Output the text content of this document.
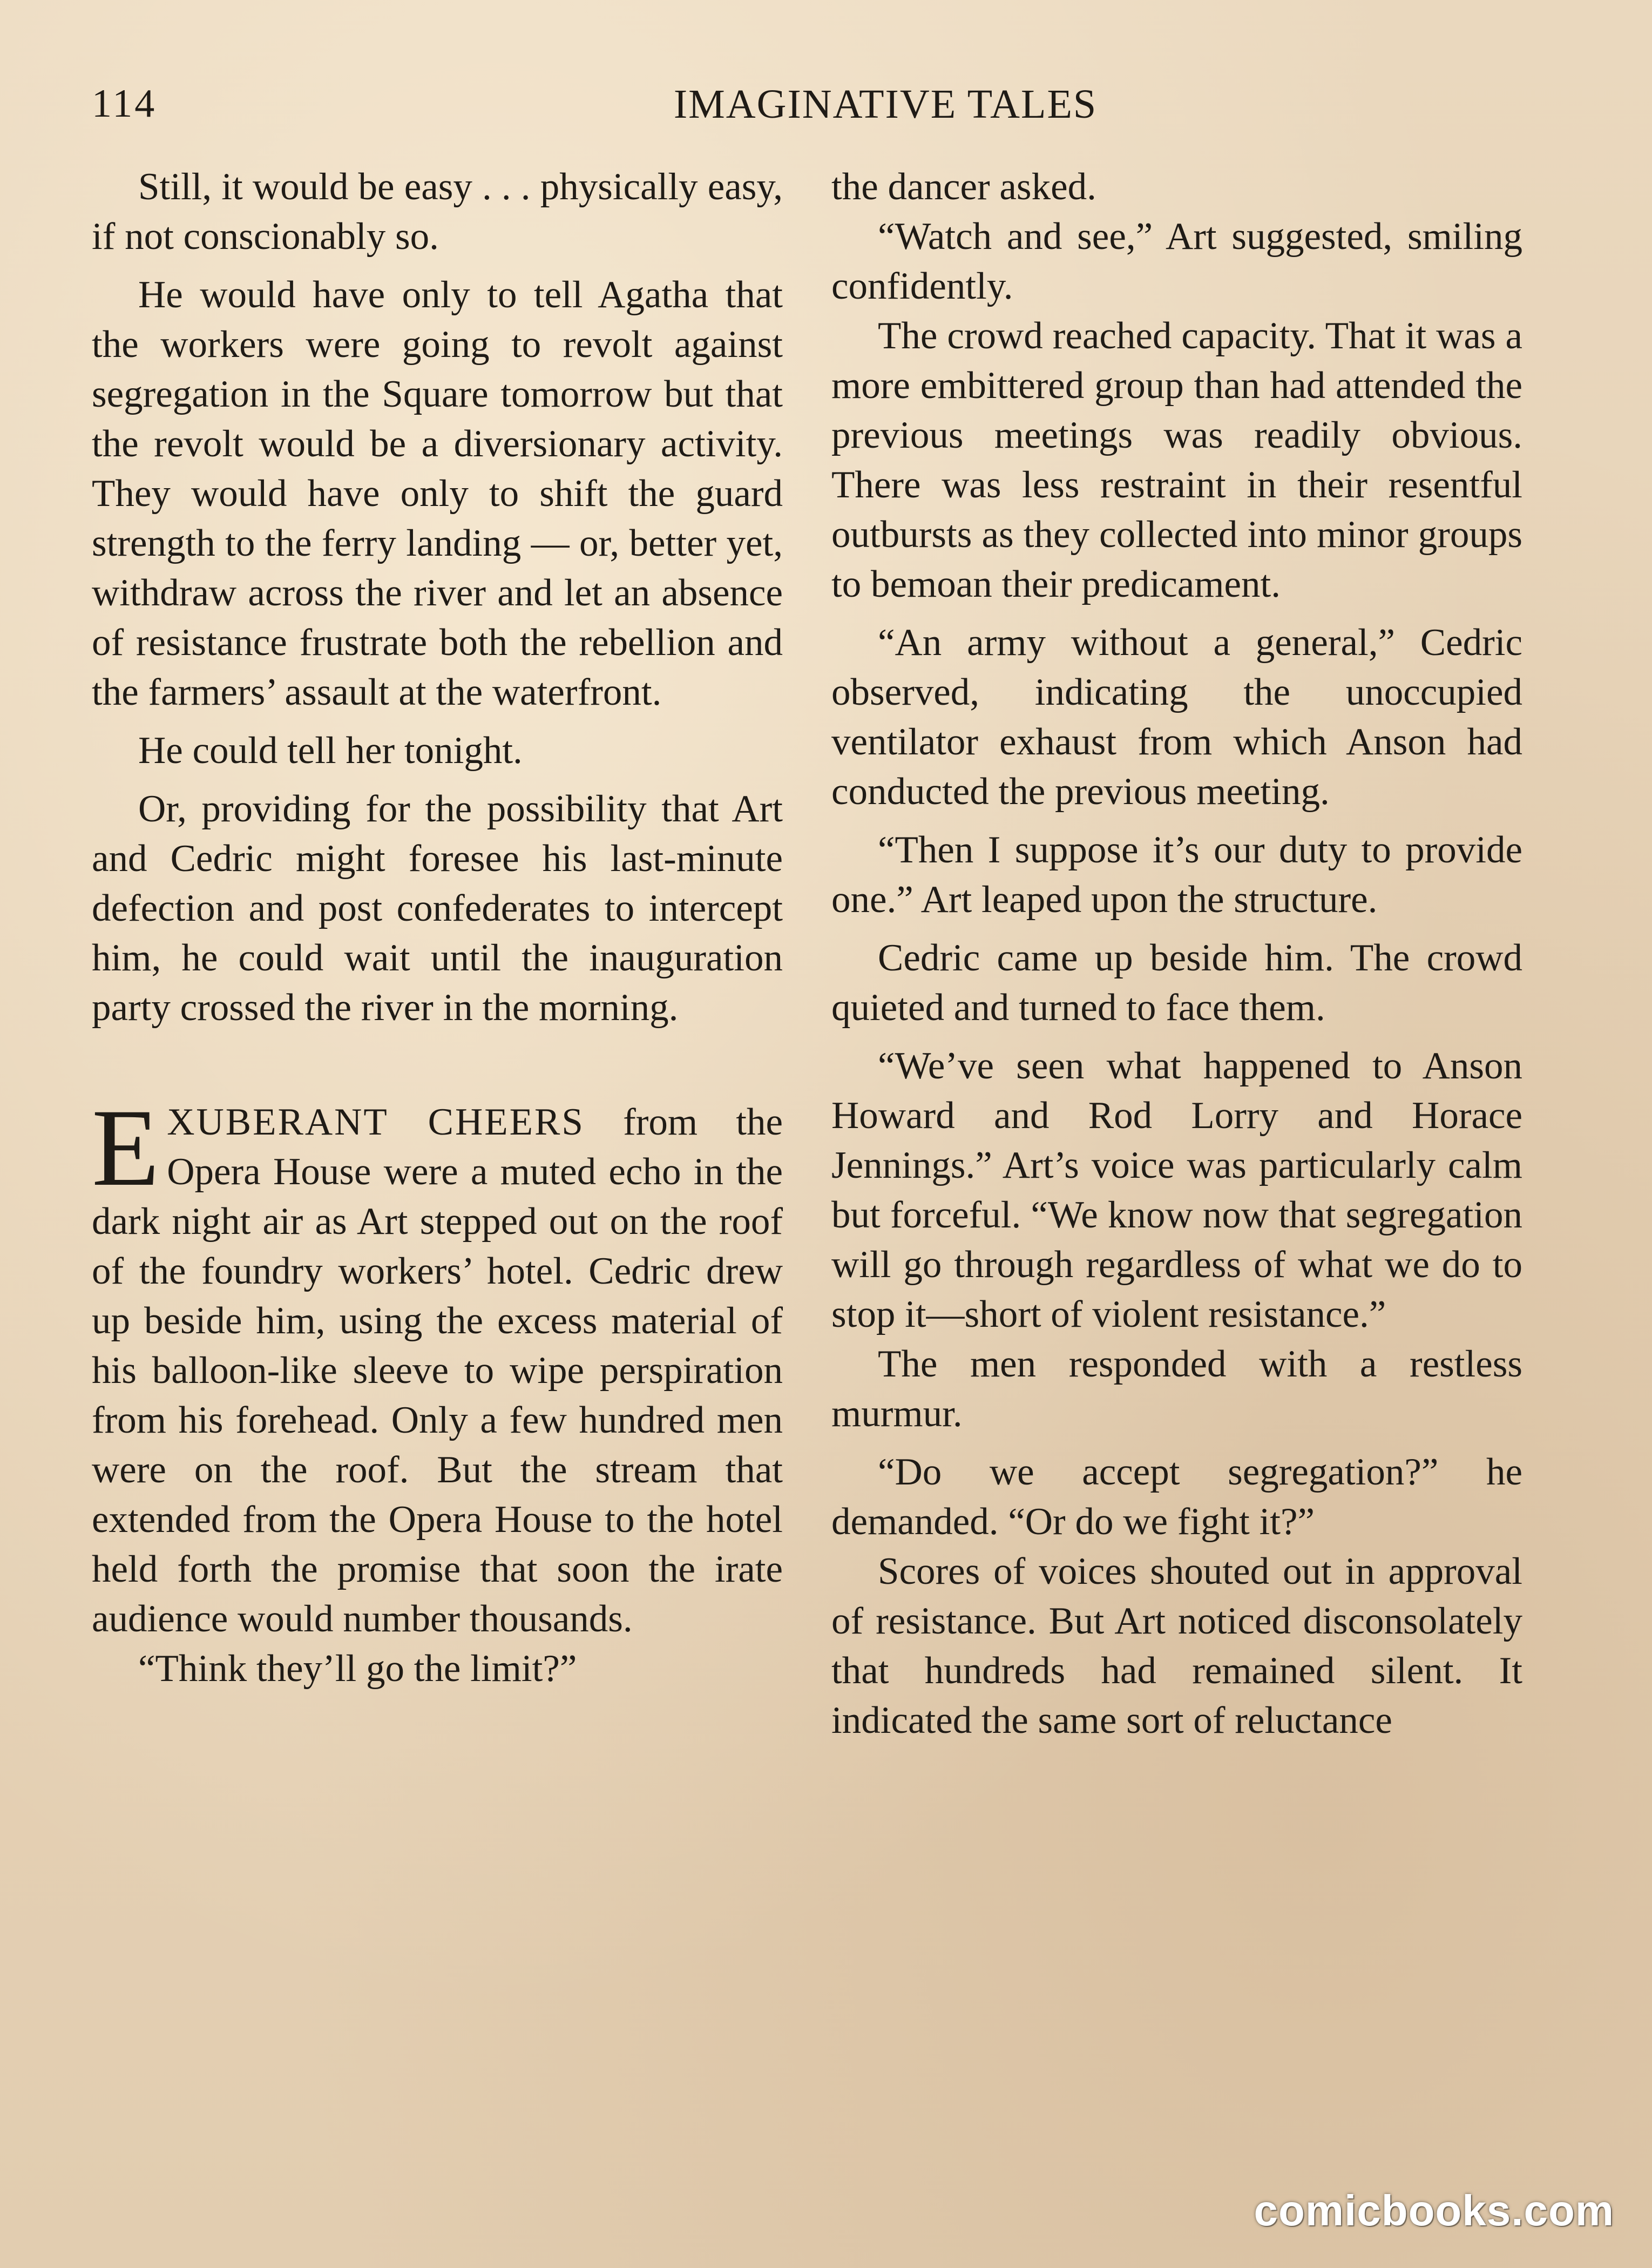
114	IMAGINATIVE TALES

Still, it would be easy . . . physically easy, if not conscionably so.

He would have only to tell Agatha that the workers were going to revolt against segregation in the Square tomorrow but that the revolt would be a diversionary activity. They would have only to shift the guard strength to the ferry landing — or, better yet, withdraw across the river and let an absence of resistance frustrate both the rebellion and the farmers’ assault at the waterfront.

He could tell her tonight.

Or, providing for the possibility that Art and Cedric might foresee his last-minute defection and post confederates to intercept him, he could wait until the inauguration party crossed the river in the morning.

EXUBERANT CHEERS from the Opera House were a muted echo in the dark night air as Art stepped out on the roof of the foundry workers’ hotel. Cedric drew up beside him, using the excess material of his balloon-like sleeve to wipe perspiration from his forehead. Only a few hundred men were on the roof. But the stream that extended from the Opera House to the hotel held forth the promise that soon the irate audience would number thousands.

“Think they’ll go the limit?”

the dancer asked.

“Watch and see,” Art suggested, smiling confidently.

The crowd reached capacity. That it was a more embittered group than had attended the previous meetings was readily obvious. There was less restraint in their resentful outbursts as they collected into minor groups to bemoan their predicament.

“An army without a general,” Cedric observed, indicating the unoccupied ventilator exhaust from which Anson had conducted the previous meeting.

“Then I suppose it’s our duty to provide one.” Art leaped upon the structure.

Cedric came up beside him. The crowd quieted and turned to face them.

“We’ve seen what happened to Anson Howard and Rod Lorry and Horace Jennings.” Art’s voice was particularly calm but forceful. “We know now that segregation will go through regardless of what we do to stop it—short of violent resistance.”

The men responded with a restless murmur.

“Do we accept segregation?” he demanded. “Or do we fight it?”

Scores of voices shouted out in approval of resistance. But Art noticed disconsolately that hundreds had remained silent. It indicated the same sort of reluctance

comicbooks.com
